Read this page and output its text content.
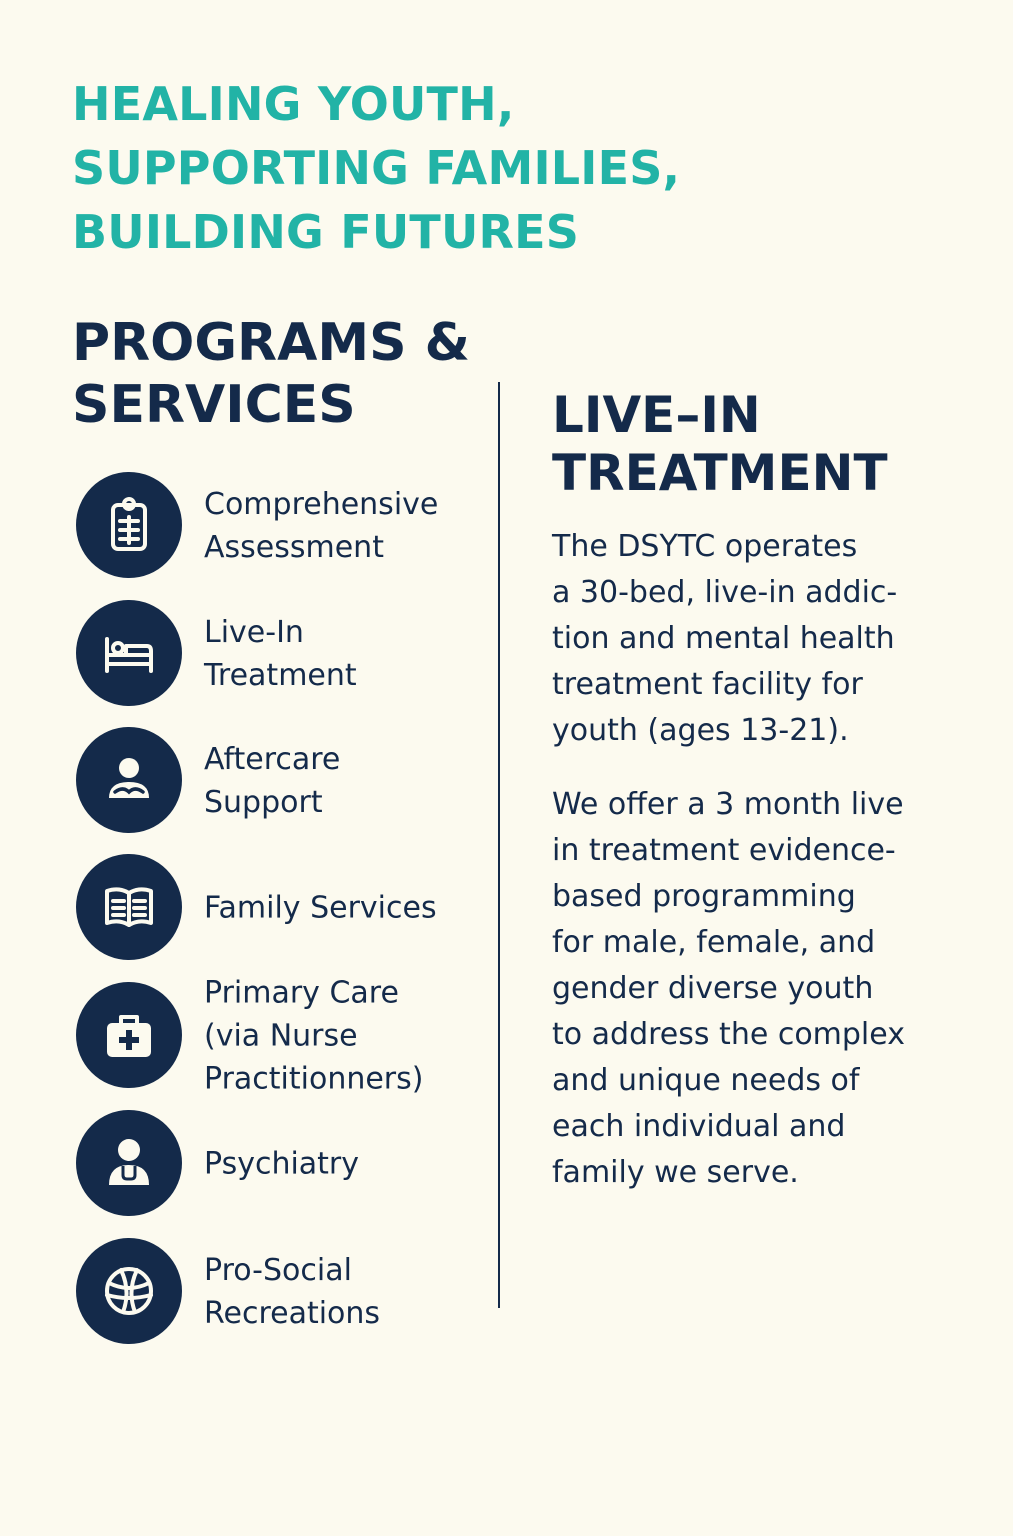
HEALING YOUTH,
SUPPORTING FAMILIES,
BUILDING FUTURES
PROGRAMS &
SERVICES
Comprehensive
Assessment
Live-In
Treatment
Aftercare
Support
Family Services
Primary Care
(via Nurse
Practitionners)
Psychiatry
Pro-Social
Recreations
LIVE–IN
TREATMENT

The DSYTC operates
a 30-bed, live-in addic-
tion and mental health
treatment facility for
youth (ages 13-21).

We offer a 3 month live
in treatment evidence-
based programming
for male, female, and
gender diverse youth
to address the complex
and unique needs of
each individual and
family we serve.
